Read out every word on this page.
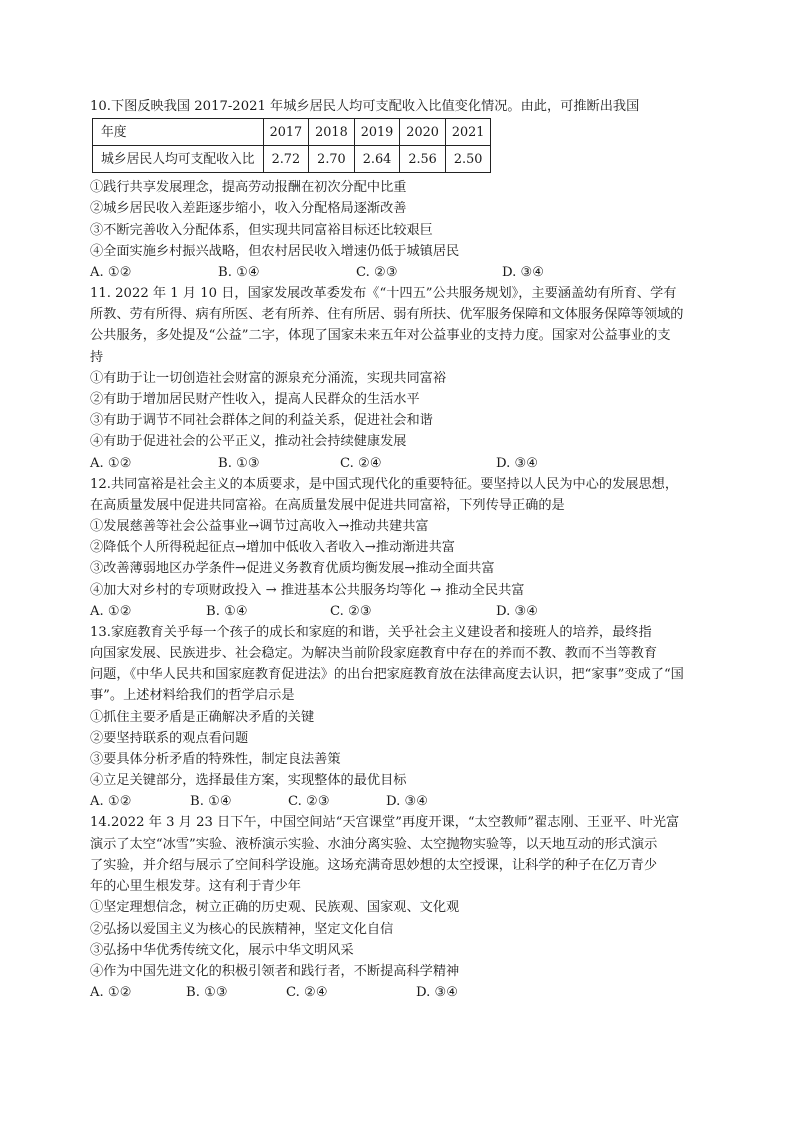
10.下图反映我国 2017-2021 年城乡居民人均可支配收入比值变化情况。由此，可推断出我国
年度	2017	2018	2019	2020	2021
城乡居民人均可支配收入比	2.72	2.70	2.64	2.56	2.50
①践行共享发展理念，提高劳动报酬在初次分配中比重
②城乡居民收入差距逐步缩小，收入分配格局逐渐改善
③不断完善收入分配体系，但实现共同富裕目标还比较艰巨
④全面实施乡村振兴战略，但农村居民收入增速仍低于城镇居民
A. ①②	B. ①④	C. ②③	D. ③④
11. 2022 年 1 月 10 日，国家发展改革委发布《“十四五”公共服务规划》，主要涵盖幼有所育、学有
所教、劳有所得、病有所医、老有所养、住有所居、弱有所扶、优军服务保障和文体服务保障等领域的
公共服务，多处提及“公益”二字，体现了国家未来五年对公益事业的支持力度。国家对公益事业的支
持
①有助于让一切创造社会财富的源泉充分涌流，实现共同富裕
②有助于增加居民财产性收入，提高人民群众的生活水平
③有助于调节不同社会群体之间的利益关系，促进社会和谐
④有助于促进社会的公平正义，推动社会持续健康发展
A. ①②	B. ①③	C. ②④	D. ③④
12.共同富裕是社会主义的本质要求，是中国式现代化的重要特征。要坚持以人民为中心的发展思想，
在高质量发展中促进共同富裕。在高质量发展中促进共同富裕，下列传导正确的是
①发展慈善等社会公益事业→调节过高收入→推动共建共富
②降低个人所得税起征点→增加中低收入者收入→推动渐进共富
③改善薄弱地区办学条件→促进义务教育优质均衡发展→推动全面共富
④加大对乡村的专项财政投入 → 推进基本公共服务均等化 → 推动全民共富
A. ①②	B. ①④	C. ②③	D. ③④
13.家庭教育关乎每一个孩子的成长和家庭的和谐，关乎社会主义建设者和接班人的培养，最终指
向国家发展、民族进步、社会稳定。为解决当前阶段家庭教育中存在的养而不教、教而不当等教育
问题，《中华人民共和国家庭教育促进法》的出台把家庭教育放在法律高度去认识，把“家事”变成了“国
事”。上述材料给我们的哲学启示是
①抓住主要矛盾是正确解决矛盾的关键
②要坚持联系的观点看问题
③要具体分析矛盾的特殊性，制定良法善策
④立足关键部分，选择最佳方案，实现整体的最优目标
A. ①②	B. ①④	C. ②③	D. ③④
14.2022 年 3 月 23 日下午，中国空间站“天宫课堂”再度开课，“太空教师”翟志刚、王亚平、叶光富
演示了太空“冰雪”实验、液桥演示实验、水油分离实验、太空抛物实验等，以天地互动的形式演示
了实验，并介绍与展示了空间科学设施。这场充满奇思妙想的太空授课，让科学的种子在亿万青少
年的心里生根发芽。这有利于青少年
①坚定理想信念，树立正确的历史观、民族观、国家观、文化观
②弘扬以爱国主义为核心的民族精神，坚定文化自信
③弘扬中华优秀传统文化，展示中华文明风采
④作为中国先进文化的积极引领者和践行者，不断提高科学精神
A. ①②	B. ①③	C. ②④	D. ③④
